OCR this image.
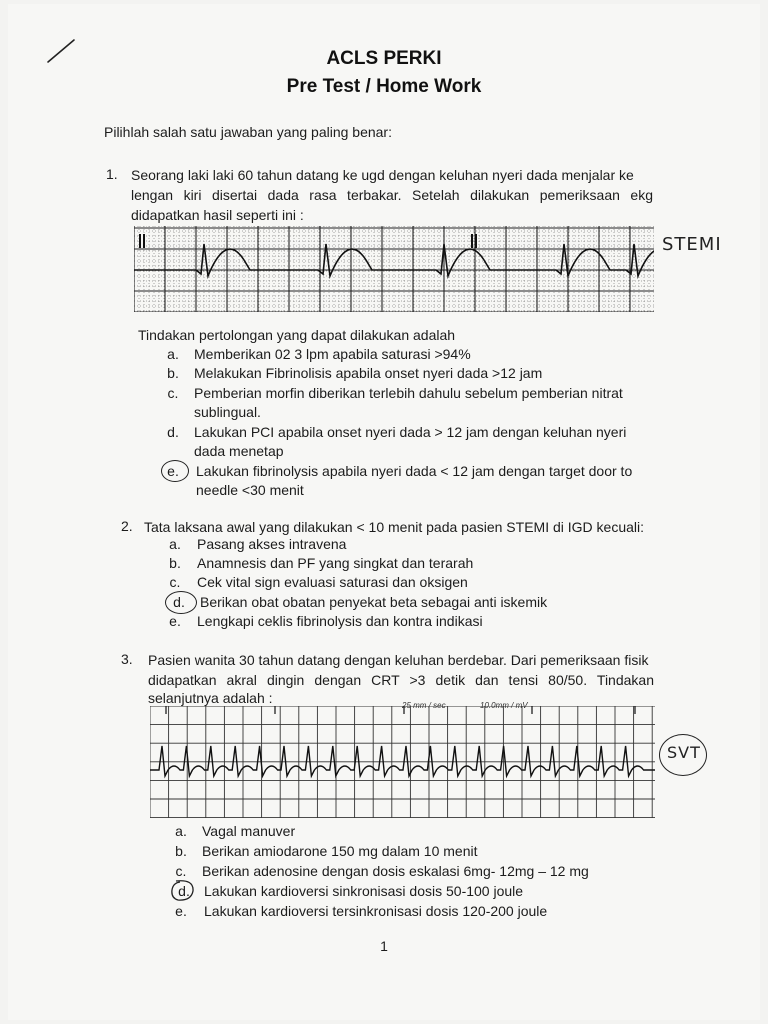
ACLS PERKI
Pre Test / Home Work
Pilihlah salah satu jawaban yang paling benar:
1. Seorang laki laki 60 tahun datang ke ugd dengan keluhan nyeri dada menjalar ke
lengan kiri disertai dada rasa terbakar. Setelah dilakukan pemeriksaan ekg
didapatkan hasil seperti ini :
STEMI
Tindakan pertolongan yang dapat dilakukan adalah
a. Memberikan 02 3 lpm apabila saturasi >94%
b. Melakukan Fibrinolisis apabila onset nyeri dada >12 jam
c. Pemberian morfin diberikan terlebih dahulu sebelum pemberian nitrat
sublingual.
d. Lakukan PCI apabila onset nyeri dada > 12 jam dengan keluhan nyeri
dada menetap
e. Lakukan fibrinolysis apabila nyeri dada < 12 jam dengan target door to
needle <30 menit
2. Tata laksana awal yang dilakukan < 10 menit pada pasien STEMI di IGD kecuali:
a. Pasang akses intravena
b. Anamnesis dan PF yang singkat dan terarah
c. Cek vital sign evaluasi saturasi dan oksigen
d. Berikan obat obatan penyekat beta sebagai anti iskemik
e. Lengkapi ceklis fibrinolysis dan kontra indikasi
3. Pasien wanita 30 tahun datang dengan keluhan berdebar. Dari pemeriksaan fisik
didapatkan akral dingin dengan CRT >3 detik dan tensi 80/50. Tindakan
selanjutnya adalah :	25 mm / sec	10.0mm / mV
SVT
a. Vagal manuver
b. Berikan amiodarone 150 mg dalam 10 menit
c. Berikan adenosine dengan dosis eskalasi 6mg- 12mg – 12 mg
d. Lakukan kardioversi sinkronisasi dosis 50-100 joule
e. Lakukan kardioversi tersinkronisasi dosis 120-200 joule
1
